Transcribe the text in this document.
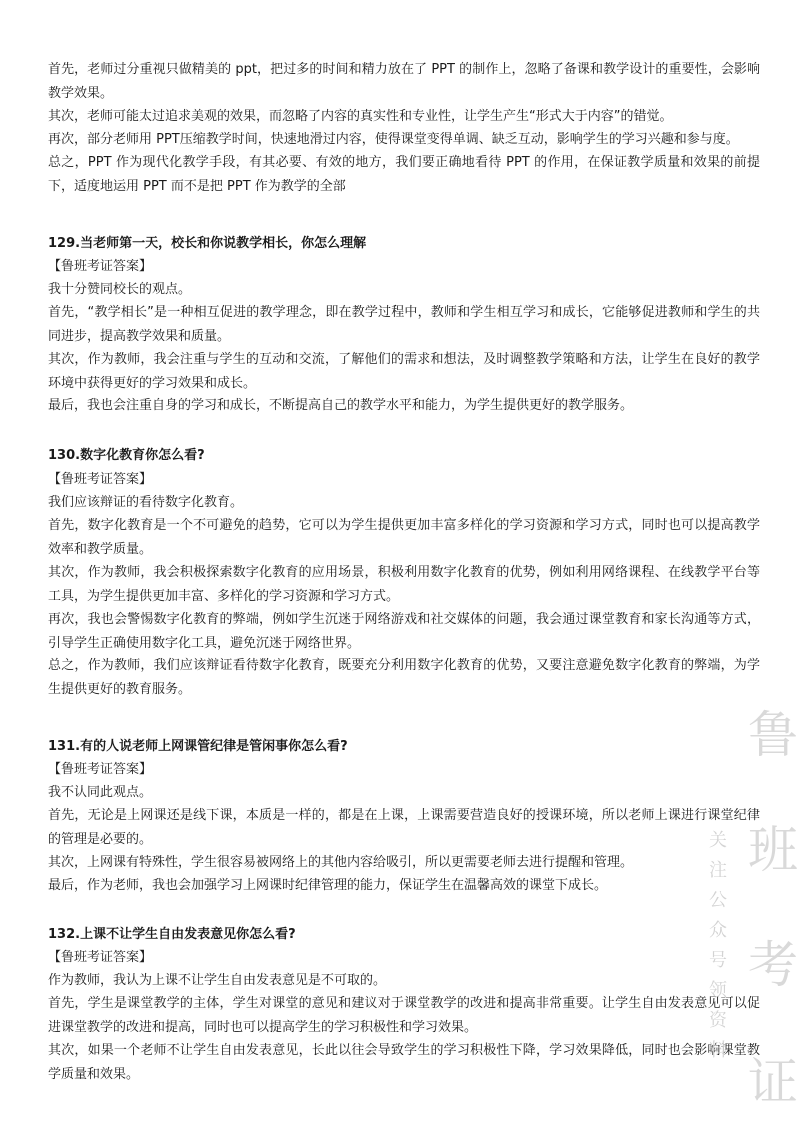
首先，老师过分重视只做精美的 ppt，把过多的时间和精力放在了 PPT 的制作上，忽略了备课和教学设计的重要性，会影响教学效果。

其次，老师可能太过追求美观的效果，而忽略了内容的真实性和专业性，让学生产生“形式大于内容”的错觉。

再次，部分老师用 PPT压缩教学时间，快速地滑过内容，使得课堂变得单调、缺乏互动，影响学生的学习兴趣和参与度。

总之，PPT 作为现代化教学手段，有其必要、有效的地方，我们要正确地看待 PPT 的作用，在保证教学质量和效果的前提下，适度地运用 PPT 而不是把 PPT 作为教学的全部

129.当老师第一天，校长和你说教学相长，你怎么理解

【鲁班考证答案】

我十分赞同校长的观点。

首先，“教学相长”是一种相互促进的教学理念，即在教学过程中，教师和学生相互学习和成长，它能够促进教师和学生的共同进步，提高教学效果和质量。

其次，作为教师，我会注重与学生的互动和交流，了解他们的需求和想法，及时调整教学策略和方法，让学生在良好的教学环境中获得更好的学习效果和成长。

最后，我也会注重自身的学习和成长，不断提高自己的教学水平和能力，为学生提供更好的教学服务。

130.数字化教育你怎么看?

【鲁班考证答案】

我们应该辩证的看待数字化教育。

首先，数字化教育是一个不可避免的趋势，它可以为学生提供更加丰富多样化的学习资源和学习方式，同时也可以提高教学效率和教学质量。

其次，作为教师，我会积极探索数字化教育的应用场景，积极利用数字化教育的优势，例如利用网络课程、在线教学平台等工具，为学生提供更加丰富、多样化的学习资源和学习方式。

再次，我也会警惕数字化教育的弊端，例如学生沉迷于网络游戏和社交媒体的问题，我会通过课堂教育和家长沟通等方式，引导学生正确使用数字化工具，避免沉迷于网络世界。

总之，作为教师，我们应该辩证看待数字化教育，既要充分利用数字化教育的优势，又要注意避免数字化教育的弊端，为学生提供更好的教育服务。

131.有的人说老师上网课管纪律是管闲事你怎么看?

【鲁班考证答案】

我不认同此观点。

首先，无论是上网课还是线下课，本质是一样的，都是在上课，上课需要营造良好的授课环境，所以老师上课进行课堂纪律的管理是必要的。

其次，上网课有特殊性，学生很容易被网络上的其他内容给吸引，所以更需要老师去进行提醒和管理。

最后，作为老师，我也会加强学习上网课时纪律管理的能力，保证学生在温馨高效的课堂下成长。

132.上课不让学生自由发表意见你怎么看?

【鲁班考证答案】

作为教师，我认为上课不让学生自由发表意见是不可取的。

首先，学生是课堂教学的主体，学生对课堂的意见和建议对于课堂教学的改进和提高非常重要。让学生自由发表意见可以促进课堂教学的改进和提高，同时也可以提高学生的学习积极性和学习效果。

其次，如果一个老师不让学生自由发表意见，长此以往会导致学生的学习积极性下降，学习效果降低，同时也会影响课堂教学质量和效果。

鲁
班
考
证
关注公众号领资料
